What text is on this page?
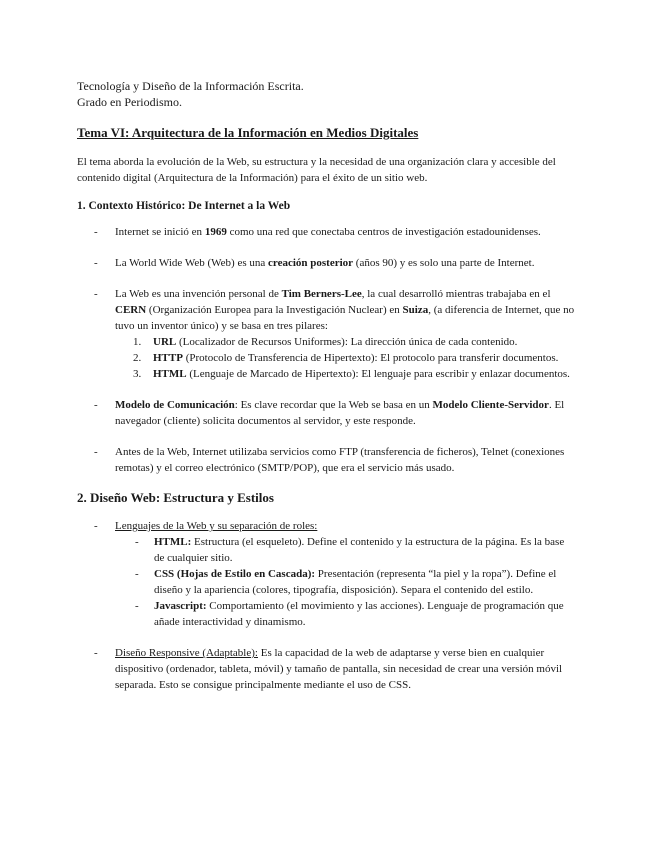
Tecnología y Diseño de la Información Escrita.
Grado en Periodismo.
Tema VI: Arquitectura de la Información en Medios Digitales
El tema aborda la evolución de la Web, su estructura y la necesidad de una organización clara y accesible del contenido digital (Arquitectura de la Información) para el éxito de un sitio web.
1. Contexto Histórico: De Internet a la Web
- Internet se inició en 1969 como una red que conectaba centros de investigación estadounidenses.
- La World Wide Web (Web) es una creación posterior (años 90) y es solo una parte de Internet.
- La Web es una invención personal de Tim Berners-Lee, la cual desarrolló mientras trabajaba en el CERN (Organización Europea para la Investigación Nuclear) en Suiza, (a diferencia de Internet, que no tuvo un inventor único) y se basa en tres pilares:
1. URL (Localizador de Recursos Uniformes): La dirección única de cada contenido.
2. HTTP (Protocolo de Transferencia de Hipertexto): El protocolo para transferir documentos.
3. HTML (Lenguaje de Marcado de Hipertexto): El lenguaje para escribir y enlazar documentos.
- Modelo de Comunicación: Es clave recordar que la Web se basa en un Modelo Cliente-Servidor. El navegador (cliente) solicita documentos al servidor, y este responde.
- Antes de la Web, Internet utilizaba servicios como FTP (transferencia de ficheros), Telnet (conexiones remotas) y el correo electrónico (SMTP/POP), que era el servicio más usado.
2. Diseño Web: Estructura y Estilos
- Lenguajes de la Web y su separación de roles:
- HTML: Estructura (el esqueleto). Define el contenido y la estructura de la página. Es la base de cualquier sitio.
- CSS (Hojas de Estilo en Cascada): Presentación (representa “la piel y la ropa”). Define el diseño y la apariencia (colores, tipografía, disposición). Separa el contenido del estilo.
- Javascript: Comportamiento (el movimiento y las acciones). Lenguaje de programación que añade interactividad y dinamismo.
- Diseño Responsive (Adaptable): Es la capacidad de la web de adaptarse y verse bien en cualquier dispositivo (ordenador, tableta, móvil) y tamaño de pantalla, sin necesidad de crear una versión móvil separada. Esto se consigue principalmente mediante el uso de CSS.
